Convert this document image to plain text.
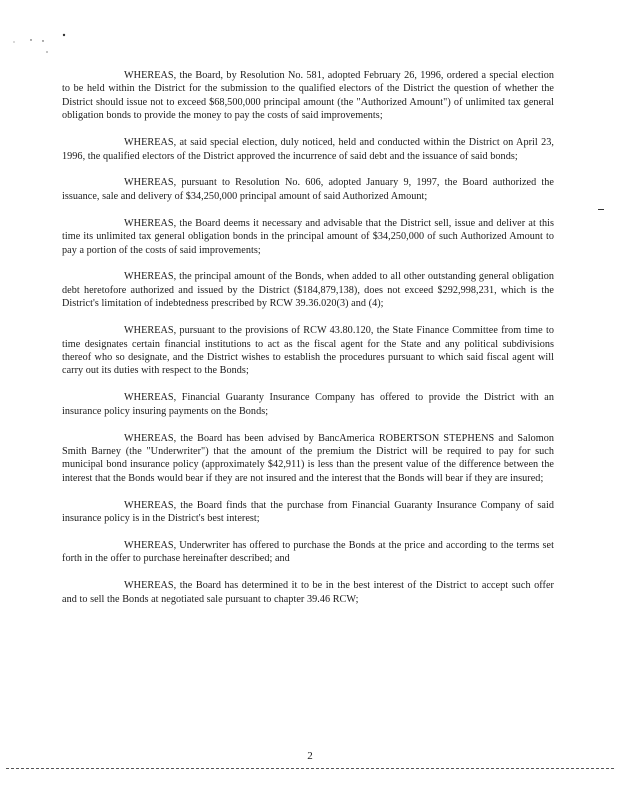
WHEREAS, the Board, by Resolution No. 581, adopted February 26, 1996, ordered a special election to be held within the District for the submission to the qualified electors of the District the question of whether the District should issue not to exceed $68,500,000 principal amount (the "Authorized Amount") of unlimited tax general obligation bonds to provide the money to pay the costs of said improvements;

WHEREAS, at said special election, duly noticed, held and conducted within the District on April 23, 1996, the qualified electors of the District approved the incurrence of said debt and the issuance of said bonds;

WHEREAS, pursuant to Resolution No. 606, adopted January 9, 1997, the Board authorized the issuance, sale and delivery of $34,250,000 principal amount of said Authorized Amount;

WHEREAS, the Board deems it necessary and advisable that the District sell, issue and deliver at this time its unlimited tax general obligation bonds in the principal amount of $34,250,000 of such Authorized Amount to pay a portion of the costs of said improvements;

WHEREAS, the principal amount of the Bonds, when added to all other outstanding general obligation debt heretofore authorized and issued by the District ($184,879,138), does not exceed $292,998,231, which is the District's limitation of indebtedness prescribed by RCW 39.36.020(3) and (4);

WHEREAS, pursuant to the provisions of RCW 43.80.120, the State Finance Committee from time to time designates certain financial institutions to act as the fiscal agent for the State and any political subdivisions thereof who so designate, and the District wishes to establish the procedures pursuant to which said fiscal agent will carry out its duties with respect to the Bonds;

WHEREAS, Financial Guaranty Insurance Company has offered to provide the District with an insurance policy insuring payments on the Bonds;

WHEREAS, the Board has been advised by BancAmerica ROBERTSON STEPHENS and Salomon Smith Barney (the "Underwriter") that the amount of the premium the District will be required to pay for such municipal bond insurance policy (approximately $42,911) is less than the present value of the difference between the interest that the Bonds would bear if they are not insured and the interest that the Bonds will bear if they are insured;

WHEREAS, the Board finds that the purchase from Financial Guaranty Insurance Company of said insurance policy is in the District's best interest;

WHEREAS, Underwriter has offered to purchase the Bonds at the price and according to the terms set forth in the offer to purchase hereinafter described; and

WHEREAS, the Board has determined it to be in the best interest of the District to accept such offer and to sell the Bonds at negotiated sale pursuant to chapter 39.46 RCW;

2
